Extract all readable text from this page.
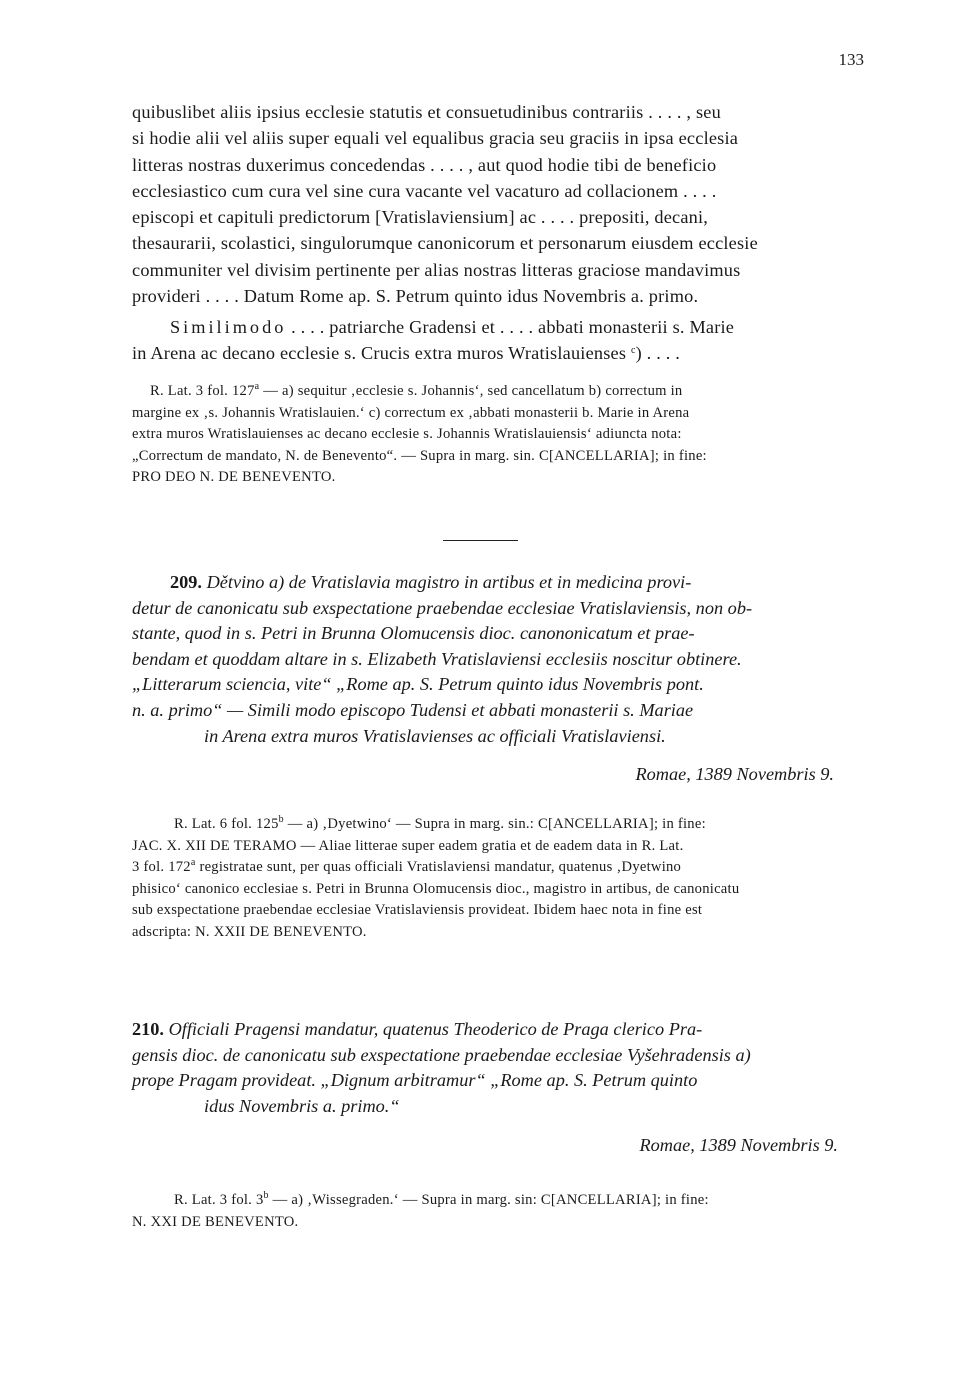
133

quibuslibet aliis ipsius ecclesie statutis et consuetudinibus contrariis . . . . , seu

si hodie alii vel aliis super equali vel equalibus gracia seu graciis in ipsa ecclesia

litteras nostras duxerimus concedendas . . . . , aut quod hodie tibi de beneficio

ecclesiastico cum cura vel sine cura vacante vel vacaturo ad collacionem . . . .

episcopi et capituli predictorum [Vratislaviensium] ac . . . . prepositi, decani,

thesaurarii, scolastici, singulorumque canonicorum et personarum eiusdem ecclesie

communiter vel divisim pertinente per alias nostras litteras graciose mandavimus

provideri . . . . Datum Rome ap. S. Petrum quinto idus Novembris a. primo.

Similimodo . . . . patriarche Gradensi et . . . . abbati monasterii s. Marie

in Arena ac decano ecclesie s. Crucis extra muros Wratislauienses $^c$) . . . .

R. Lat. 3 fol. 127$^a$ — a) sequitur ‚ecclesie s. Johannis‘, sed cancellatum b) correctum in

margine ex ‚s. Johannis Wratislauien.‘ c) correctum ex ‚abbati monasterii b. Marie in Arena

extra muros Wratislauienses ac decano ecclesie s. Johannis Wratislauiensis‘ adiuncta nota:

„Correctum de mandato, N. de Benevento“. — Supra in marg. sin. C[ANCELLARIA]; in fine:

PRO DEO N. DE BENEVENTO.

209. Dětvino a) de Vratislavia magistro in artibus et in medicina provi-

detur de canonicatu sub exspectatione praebendae ecclesiae Vratislaviensis, non ob-

stante, quod in s. Petri in Brunna Olomucensis dioc. canononicatum et prae-

bendam et quoddam altare in s. Elizabeth Vratislaviensi ecclesiis noscitur obtinere.

„Litterarum sciencia, vite“ „Rome ap. S. Petrum quinto idus Novembris pont.

n. a. primo“ — Simili modo episcopo Tudensi et abbati monasterii s. Mariae

in Arena extra muros Vratislavienses ac officiali Vratislaviensi.

Romae, 1389 Novembris 9.

R. Lat. 6 fol. 125$^b$ — a) ‚Dyetwino‘ — Supra in marg. sin.: C[ANCELLARIA]; in fine:

JAC. X. XII DE TERAMO — Aliae litterae super eadem gratia et de eadem data in R. Lat.

3 fol. 172$^a$ registratae sunt, per quas officiali Vratislaviensi mandatur, quatenus ‚Dyetwino

phisico‘ canonico ecclesiae s. Petri in Brunna Olomucensis dioc., magistro in artibus, de canonicatu

sub exspectatione praebendae ecclesiae Vratislaviensis provideat. Ibidem haec nota in fine est

adscripta: N. XXII DE BENEVENTO.

210. Officiali Pragensi mandatur, quatenus Theoderico de Praga clerico Pra-

gensis dioc. de canonicatu sub exspectatione praebendae ecclesiae Vyšehradensis a)

prope Pragam provideat. „Dignum arbitramur“ „Rome ap. S. Petrum quinto

idus Novembris a. primo.“

Romae, 1389 Novembris 9.

R. Lat. 3 fol. 3$^b$ — a) ‚Wissegraden.‘ — Supra in marg. sin: C[ANCELLARIA]; in fine:

N. XXI DE BENEVENTO.
